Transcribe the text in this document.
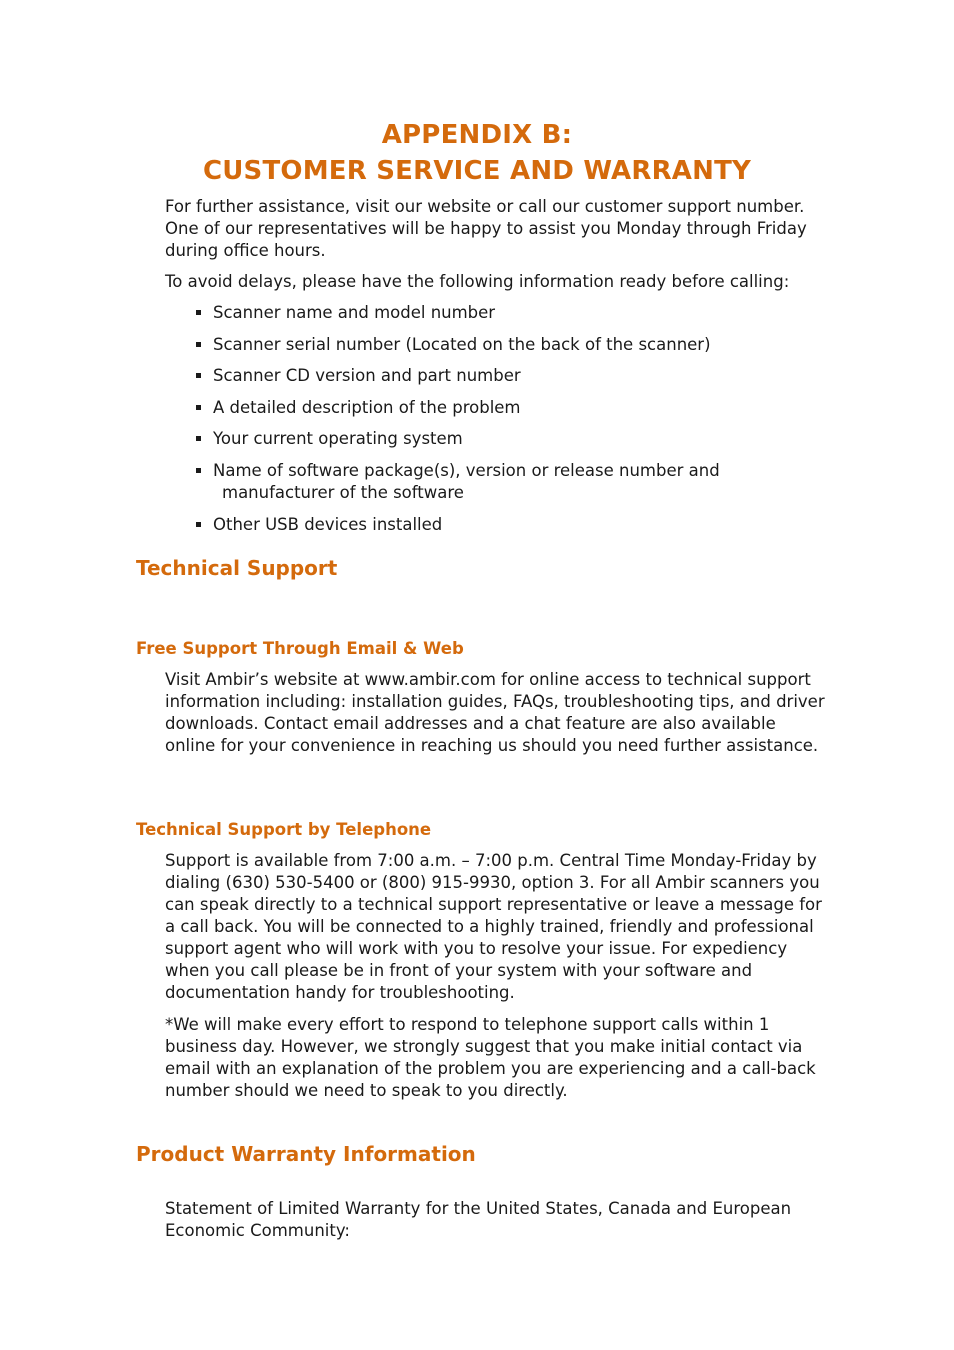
APPENDIX B:
CUSTOMER SERVICE AND WARRANTY
For further assistance, visit our website or call our customer support number. One of our representatives will be happy to assist you Monday through Friday during office hours.
To avoid delays, please have the following information ready before calling:
Scanner name and model number
Scanner serial number (Located on the back of the scanner)
Scanner CD version and part number
A detailed description of the problem
Your current operating system
Name of software package(s), version or release number and
manufacturer of the software
Other USB devices installed
Technical Support
Free Support Through Email & Web
Visit Ambir’s website at www.ambir.com for online access to technical support information including: installation guides, FAQs, troubleshooting tips, and driver downloads. Contact email addresses and a chat feature are also available online for your convenience in reaching us should you need further assistance.
Technical Support by Telephone
Support is available from 7:00 a.m. – 7:00 p.m. Central Time Monday-Friday by dialing (630) 530-5400 or (800) 915-9930, option 3. For all Ambir scanners you can speak directly to a technical support representative or leave a message for a call back. You will be connected to a highly trained, friendly and professional support agent who will work with you to resolve your issue. For expediency when you call please be in front of your system with your software and documentation handy for troubleshooting.
*We will make every effort to respond to telephone support calls within 1 business day. However, we strongly suggest that you make initial contact via email with an explanation of the problem you are experiencing and a call-back number should we need to speak to you directly.
Product Warranty Information
Statement of Limited Warranty for the United States, Canada and European Economic Community:
